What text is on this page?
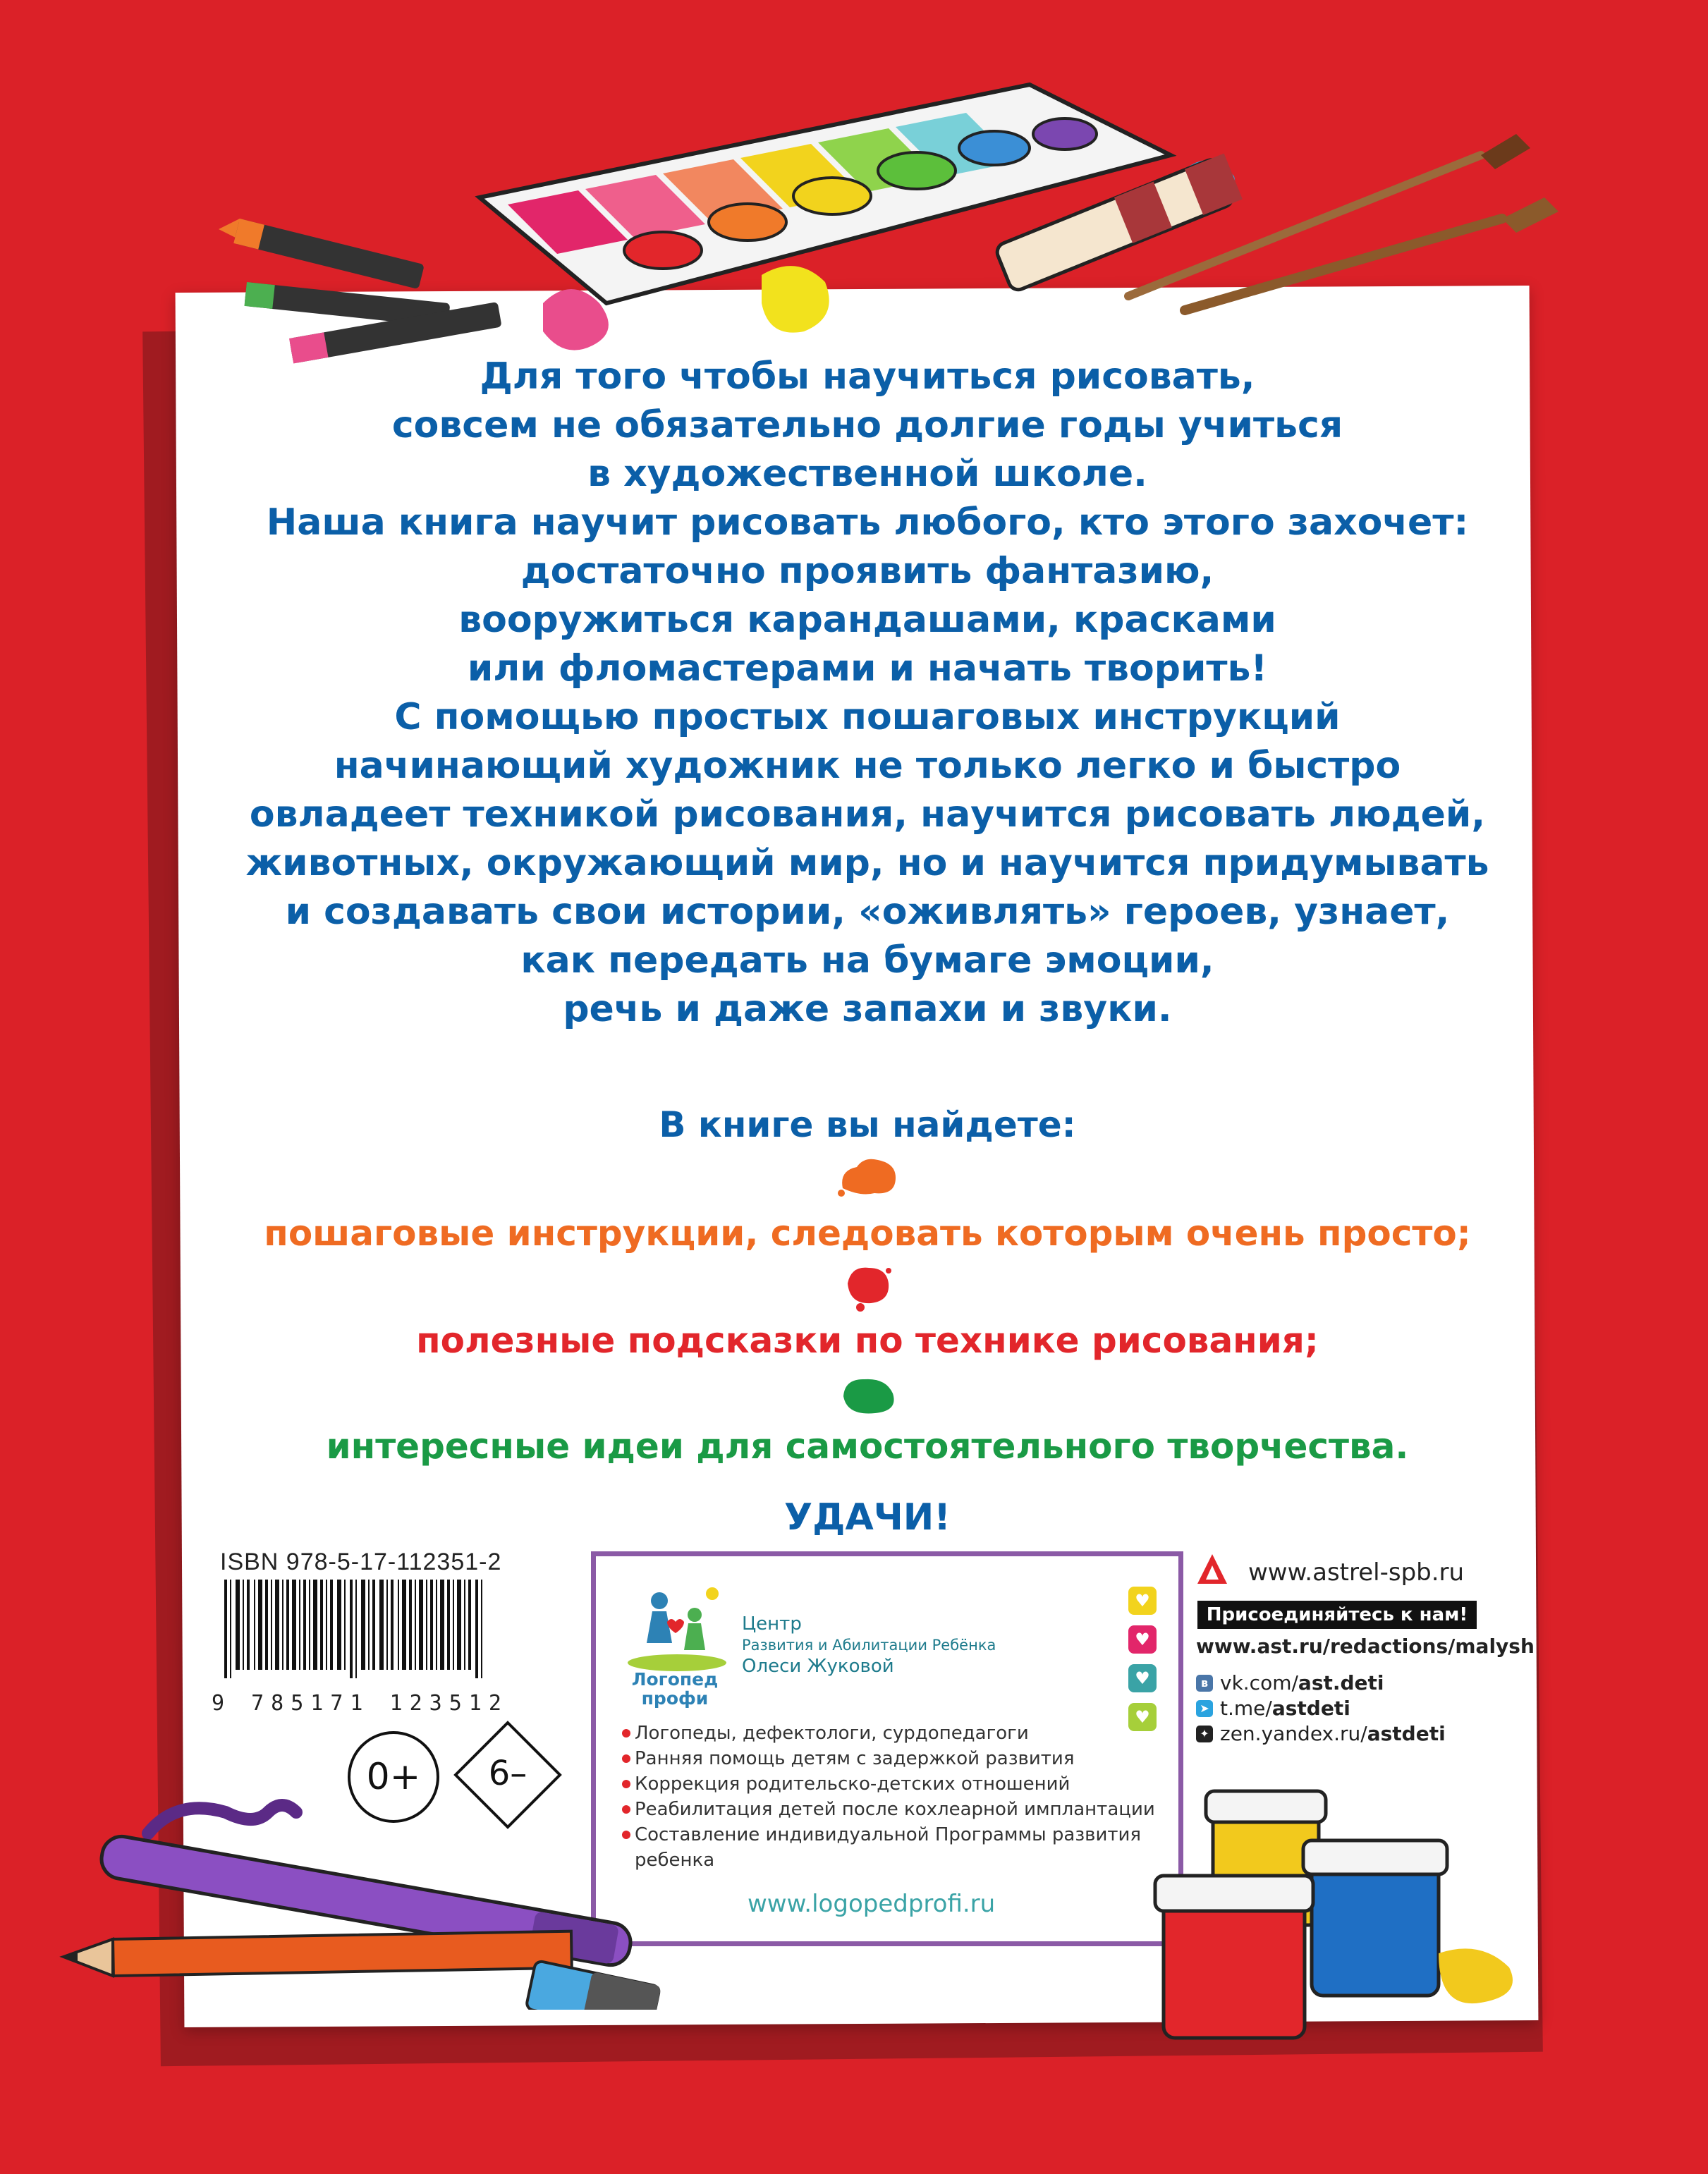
Для того чтобы научиться рисовать,
совсем не обязательно долгие годы учиться
в художественной школе.
Наша книга научит рисовать любого, кто этого захочет:
достаточно проявить фантазию,
вооружиться карандашами, красками
или фломастерами и начать творить!
С помощью простых пошаговых инструкций
начинающий художник не только легко и быстро
овладеет техникой рисования, научится рисовать людей,
животных, окружающий мир, но и научится придумывать
и создавать свои истории, «оживлять» героев, узнает,
как передать на бумаге эмоции,
речь и даже запахи и звуки.
В книге вы найдете:
пошаговые инструкции, следовать которым очень просто;
полезные подсказки по технике рисования;
интересные идеи для самостоятельного творчества.
УДАЧИ!
ISBN 978-5-17-112351-2
9 785171 123512
0+	6–
Логопед профи
Центр
Развития и Абилитации Ребёнка
Олеси Жуковой
♥
♥
♥
♥
Логопеды, дефектологи, сурдопедагоги
Ранняя помощь детям с задержкой развития
Коррекция родительско-детских отношений
Реабилитация детей после кохлеарной имплантации
Составление индивидуальной Программы развития ребенка
www.logopedprofi.ru
www.astrel-spb.ru
Присоединяйтесь к нам!
www.ast.ru/redactions/malysh
в vk.com/ ast.deti
➤ t.me/ astdeti
✦ zen.yandex.ru/ astdeti
